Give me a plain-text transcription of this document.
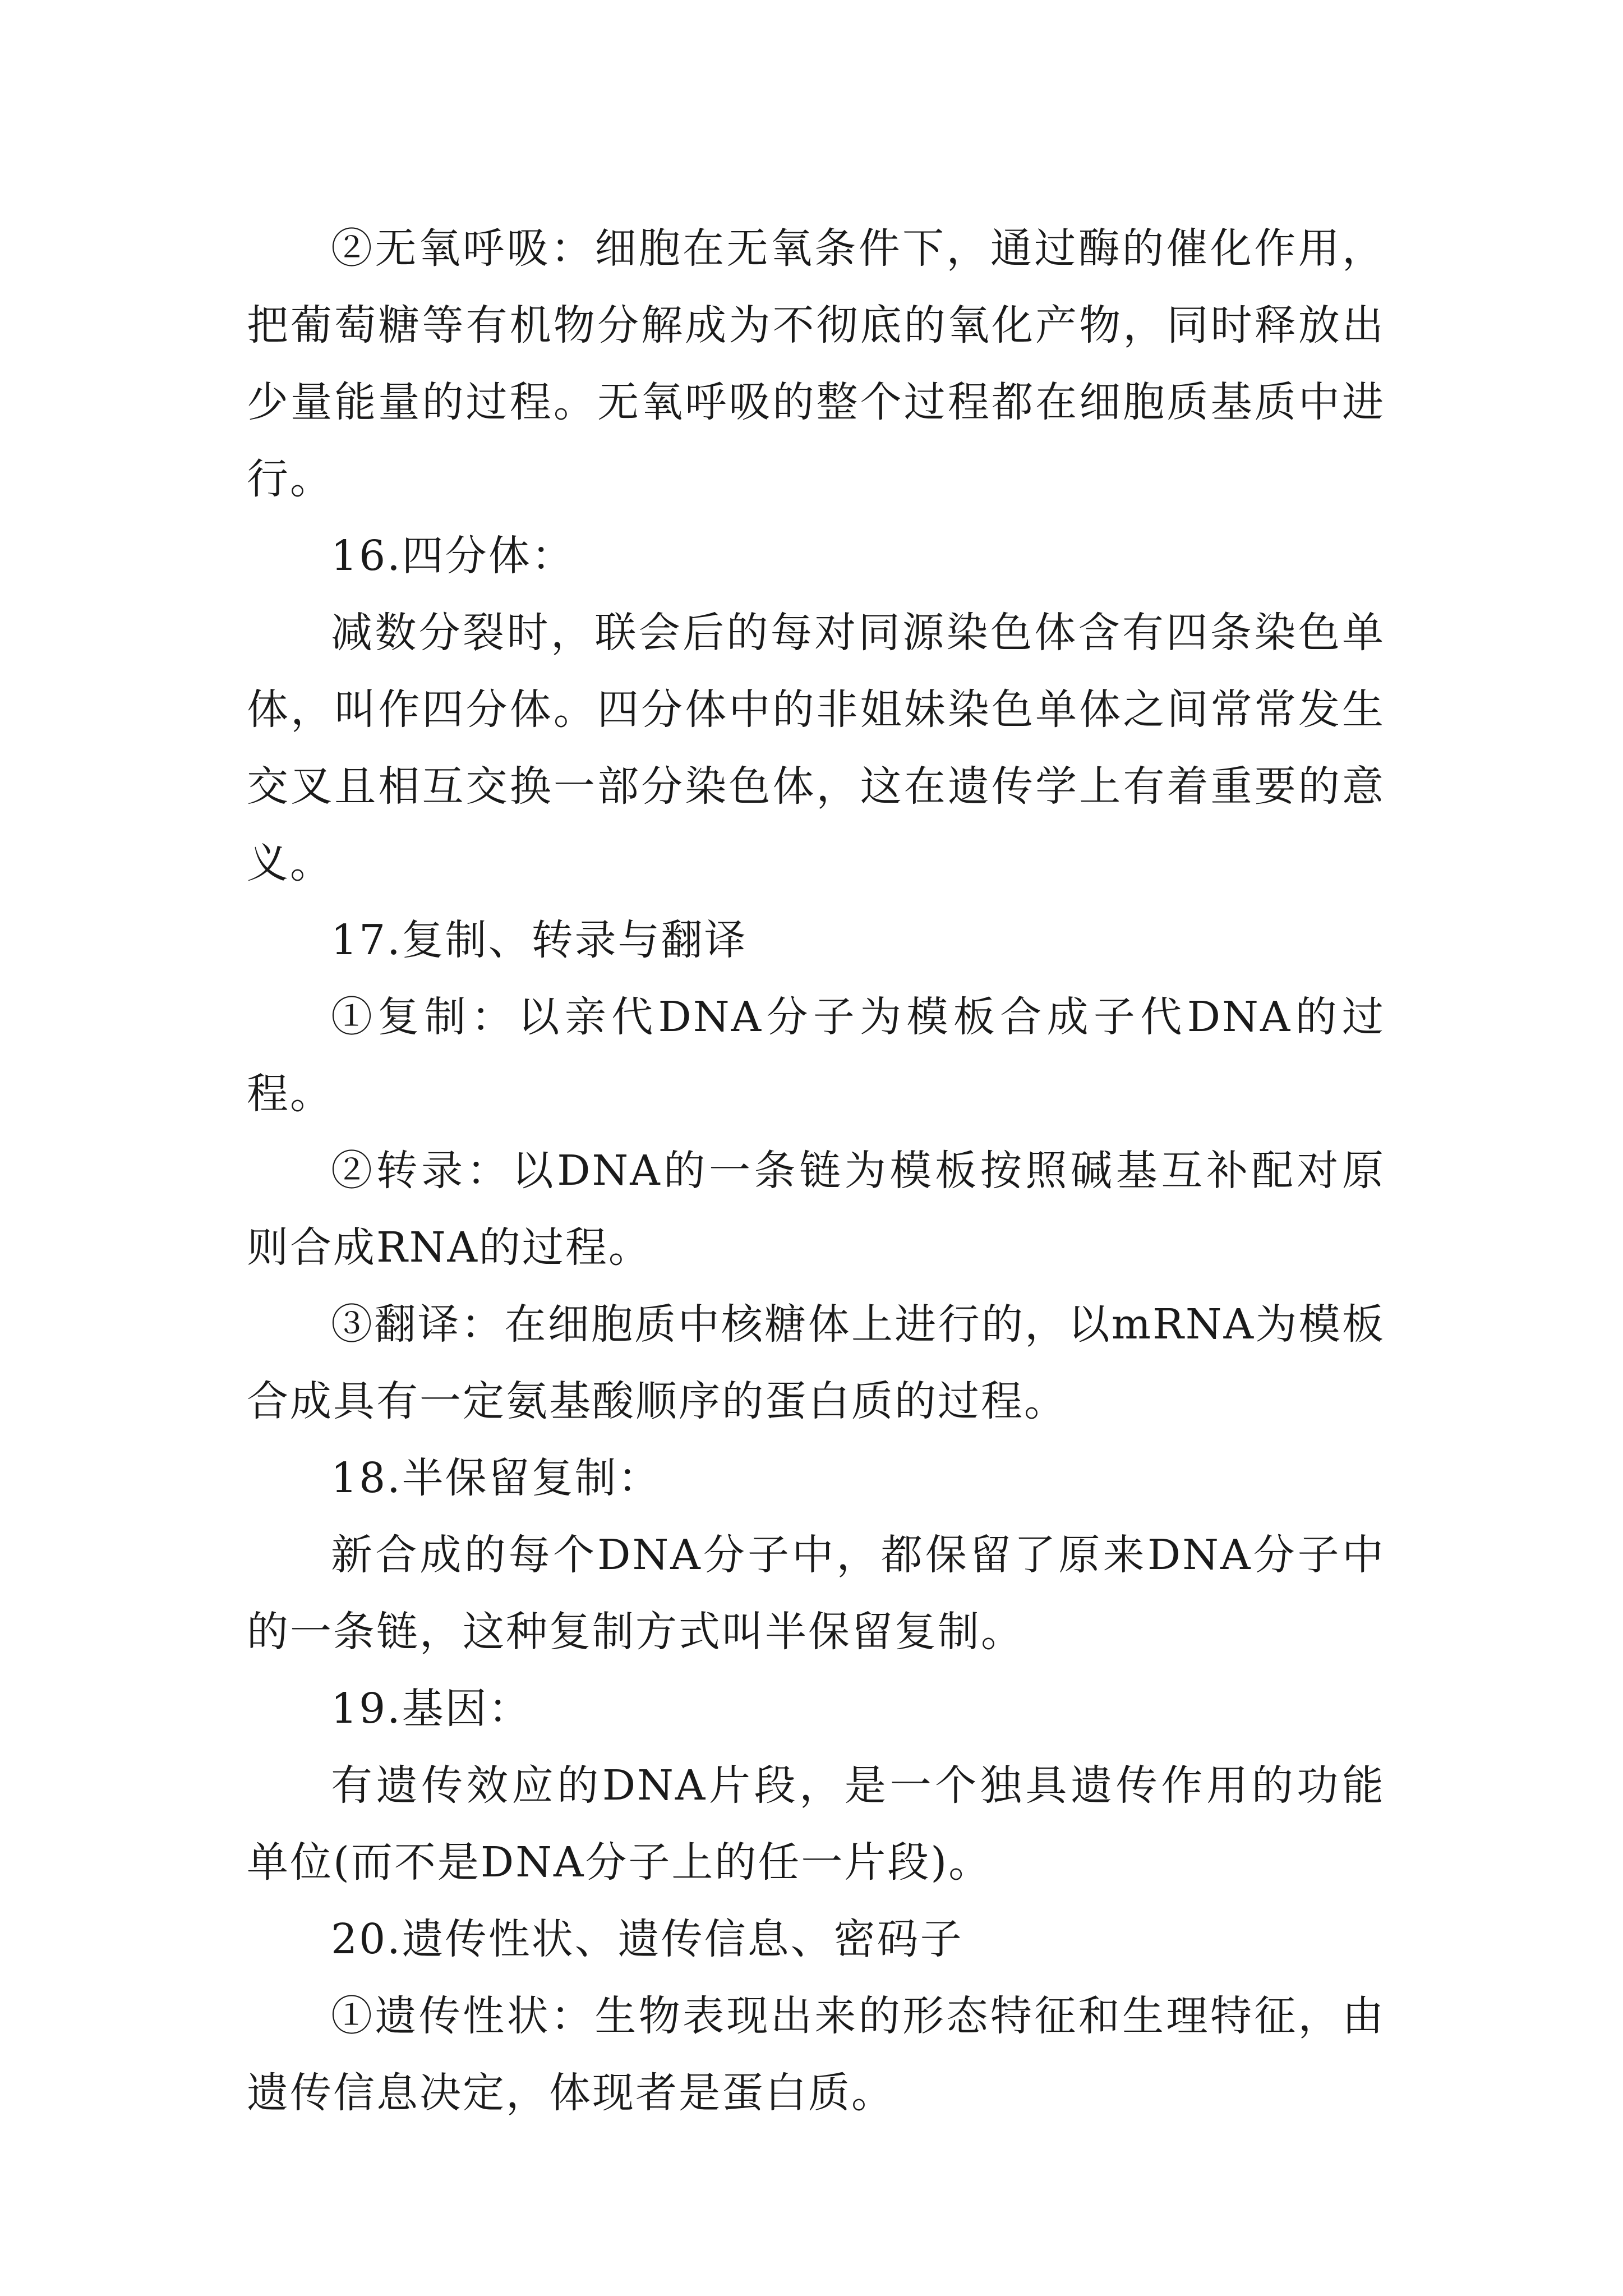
②无氧呼吸：细胞在无氧条件下，通过酶的催化作用，把葡萄糖等有机物分解成为不彻底的氧化产物，同时释放出少量能量的过程。无氧呼吸的整个过程都在细胞质基质中进行。

16.四分体：

减数分裂时，联会后的每对同源染色体含有四条染色单体，叫作四分体。四分体中的非姐妹染色单体之间常常发生交叉且相互交换一部分染色体，这在遗传学上有着重要的意义。

17.复制、转录与翻译

①复制：以亲代DNA分子为模板合成子代DNA的过程。

②转录：以DNA的一条链为模板按照碱基互补配对原则合成RNA的过程。

③翻译：在细胞质中核糖体上进行的，以mRNA为模板合成具有一定氨基酸顺序的蛋白质的过程。

18.半保留复制：

新合成的每个DNA分子中，都保留了原来DNA分子中的一条链，这种复制方式叫半保留复制。

19.基因：

有遗传效应的DNA片段，是一个独具遗传作用的功能单位(而不是DNA分子上的任一片段)。

20.遗传性状、遗传信息、密码子

①遗传性状：生物表现出来的形态特征和生理特征，由遗传信息决定，体现者是蛋白质。
